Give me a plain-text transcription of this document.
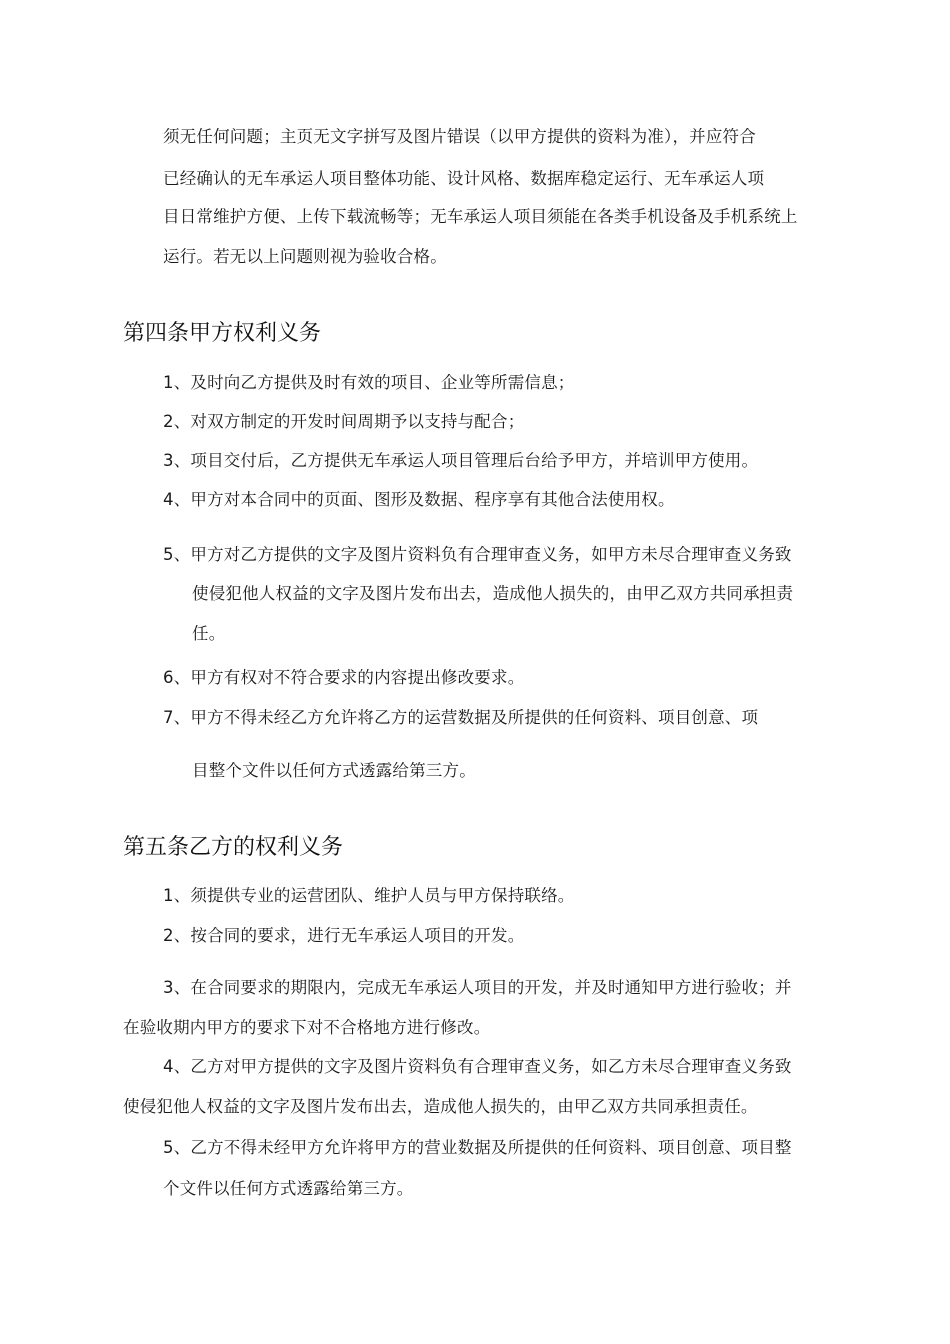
须无任何问题；主页无文字拼写及图片错误（以甲方提供的资料为准），并应符合
已经确认的无车承运人项目整体功能、设计风格、数据库稳定运行、无车承运人项
目日常维护方便、上传下载流畅等；无车承运人项目须能在各类手机设备及手机系统上
运行。若无以上问题则视为验收合格。
第四条甲方权利义务
1、及时向乙方提供及时有效的项目、企业等所需信息；
2、对双方制定的开发时间周期予以支持与配合；
3、项目交付后，乙方提供无车承运人项目管理后台给予甲方，并培训甲方使用。
4、甲方对本合同中的页面、图形及数据、程序享有其他合法使用权。
5、甲方对乙方提供的文字及图片资料负有合理审查义务，如甲方未尽合理审查义务致
使侵犯他人权益的文字及图片发布出去，造成他人损失的，由甲乙双方共同承担责
任。
6、甲方有权对不符合要求的内容提出修改要求。
7、甲方不得未经乙方允许将乙方的运营数据及所提供的任何资料、项目创意、项
目整个文件以任何方式透露给第三方。
第五条乙方的权利义务
1、须提供专业的运营团队、维护人员与甲方保持联络。
2、按合同的要求，进行无车承运人项目的开发。
3、在合同要求的期限内，完成无车承运人项目的开发，并及时通知甲方进行验收；并
在验收期内甲方的要求下对不合格地方进行修改。
4、乙方对甲方提供的文字及图片资料负有合理审查义务，如乙方未尽合理审查义务致
使侵犯他人权益的文字及图片发布出去，造成他人损失的，由甲乙双方共同承担责任。
5、乙方不得未经甲方允许将甲方的营业数据及所提供的任何资料、项目创意、项目整
个文件以任何方式透露给第三方。
